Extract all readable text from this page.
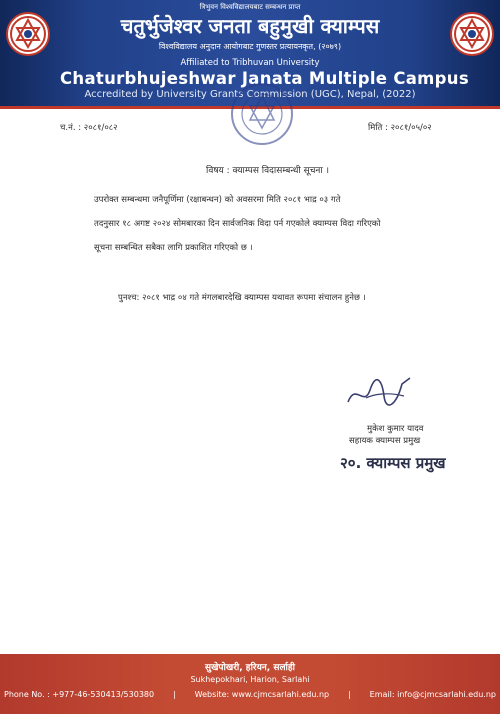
त्रिभुवन विश्वविद्यालयबाट सम्बन्धन प्राप्त
चतुर्भुजेश्वर जनता बहुमुखी क्याम्पस
विश्वविद्यालय अनुदान आयोगबाट गुणस्तर प्रत्यायनकृत, (२०७९)
Affiliated to Tribhuvan University
Chaturbhujeshwar Janata Multiple Campus
Accredited by University Grants Commission (UGC), Nepal, (2022)
च.नं. : २०८१/०८२	मिति : २०८१/०५/०२
विषय : क्याम्पस विदासम्बन्धी सूचना ।
उपरोक्त सम्बन्धमा जनैपूर्णिमा (रक्षाबन्धन) को अवसरमा मिति २०८१ भाद्र ०३ गते
तदनुसार १८ अगष्ट २०२४ सोमबारका दिन सार्वजनिक विदा पर्न गएकोले क्याम्पस विदा गरिएको
सूचना सम्बन्धित सबैका लागि प्रकाशित गरिएको छ ।
पुनश्च: २०८१ भाद्र ०४ गते मंगलबारदेखि क्याम्पस यथावत रूपमा संचालन हुनेछ ।
मुकेश कुमार यादव
सहायक क्याम्पस प्रमुख
२०. क्याम्पस प्रमुख
सुखेपोखरी, हरियन, सर्लाही
Sukhepokhari, Harion, Sarlahi
Phone No. : +977-46-530413/530380 | Website: www.cjmcsarlahi.edu.np | Email: info@cjmcsarlahi.edu.np
